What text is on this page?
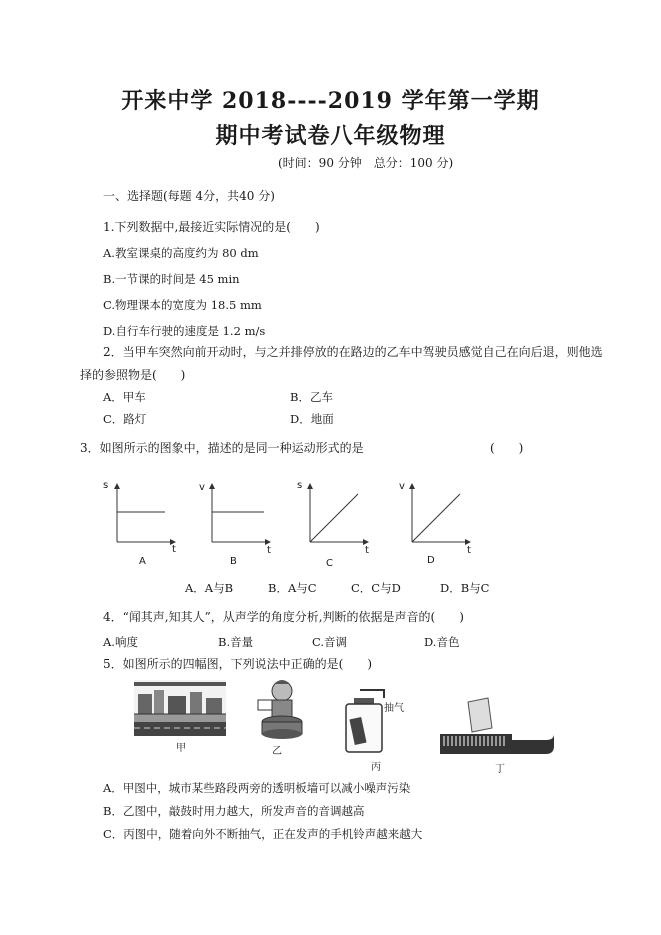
开来中学 2018----2019 学年第一学期
期中考试卷八年级物理
(时间：90 分钟　总分：100 分)
一、选择题(每题 4分，共40 分)
1.下列数据中,最接近实际情况的是(　　)
A.教室课桌的高度约为 80 dm
B.一节课的时间是 45 min
C.物理课本的宽度为 18.5 mm
D.自行车行驶的速度是 1.2 m/s
2．当甲车突然向前开动时，与之并排停放的在路边的乙车中驾驶员感觉自己在向后退，则他选
择的参照物是(　　)
A．甲车	B．乙车
C．路灯	D．地面
3．如图所示的图象中，描述的是同一种运动形式的是	(　　)
s
t
A
v
t
B
s
t
C
v
t
D
A．A与B	B．A与C	C．C与D	D．B与C
4．“闻其声,知其人”，从声学的角度分析,判断的依据是声音的(　　)
A.响度	B.音量	C.音调	D.音色
5．如图所示的四幅图，下列说法中正确的是(　　)
甲	乙
抽气
丙	丁
A．甲图中，城市某些路段两旁的透明板墙可以减小噪声污染
B．乙图中，敲鼓时用力越大，所发声音的音调越高
C．丙图中，随着向外不断抽气，正在发声的手机铃声越来越大
